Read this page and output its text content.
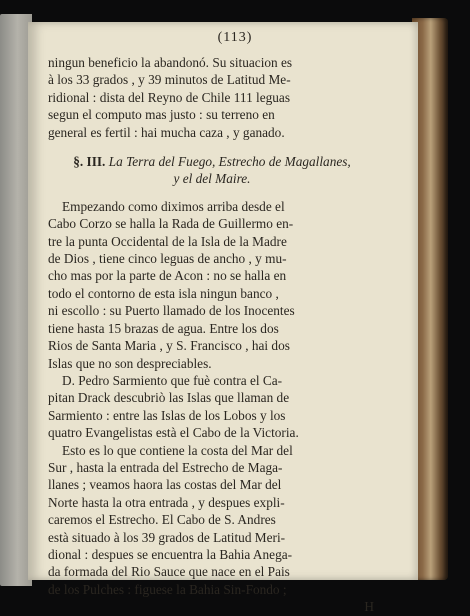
(113)
ningun beneficio la abandonó. Su situacion es
à los 33 grados , y 39 minutos de Latitud Me-
ridional : dista del Reyno de Chile 111 leguas
segun el computo mas justo : su terreno en
general es fertil : hai mucha caza , y ganado.
§. III. La Terra del Fuego, Estrecho de Magallanes,
y el del Maire.
Empezando como diximos arriba desde el
Cabo Corzo se halla la Rada de Guillermo en-
tre la punta Occidental de la Isla de la Madre
de Dios , tiene cinco leguas de ancho , y mu-
cho mas por la parte de Acon : no se halla en
todo el contorno de esta isla ningun banco ,
ni escollo : su Puerto llamado de los Inocentes
tiene hasta 15 brazas de agua. Entre los dos
Rios de Santa Maria , y S. Francisco , hai dos
Islas que no son despreciables.
D. Pedro Sarmiento que fuè contra el Ca-
pitan Drack descubriò las Islas que llaman de
Sarmiento : entre las Islas de los Lobos y los
quatro Evangelistas està el Cabo de la Victoria.
Esto es lo que contiene la costa del Mar del
Sur , hasta la entrada del Estrecho de Maga-
llanes ; veamos haora las costas del Mar del
Norte hasta la otra entrada , y despues expli-
caremos el Estrecho. El Cabo de S. Andres
està situado à los 39 grados de Latitud Meri-
dional : despues se encuentra la Bahia Anega-
da formada del Rio Sauce que nace en el Pais
de los Pulches : figuese la Bahia Sin-Fondo ;
H
